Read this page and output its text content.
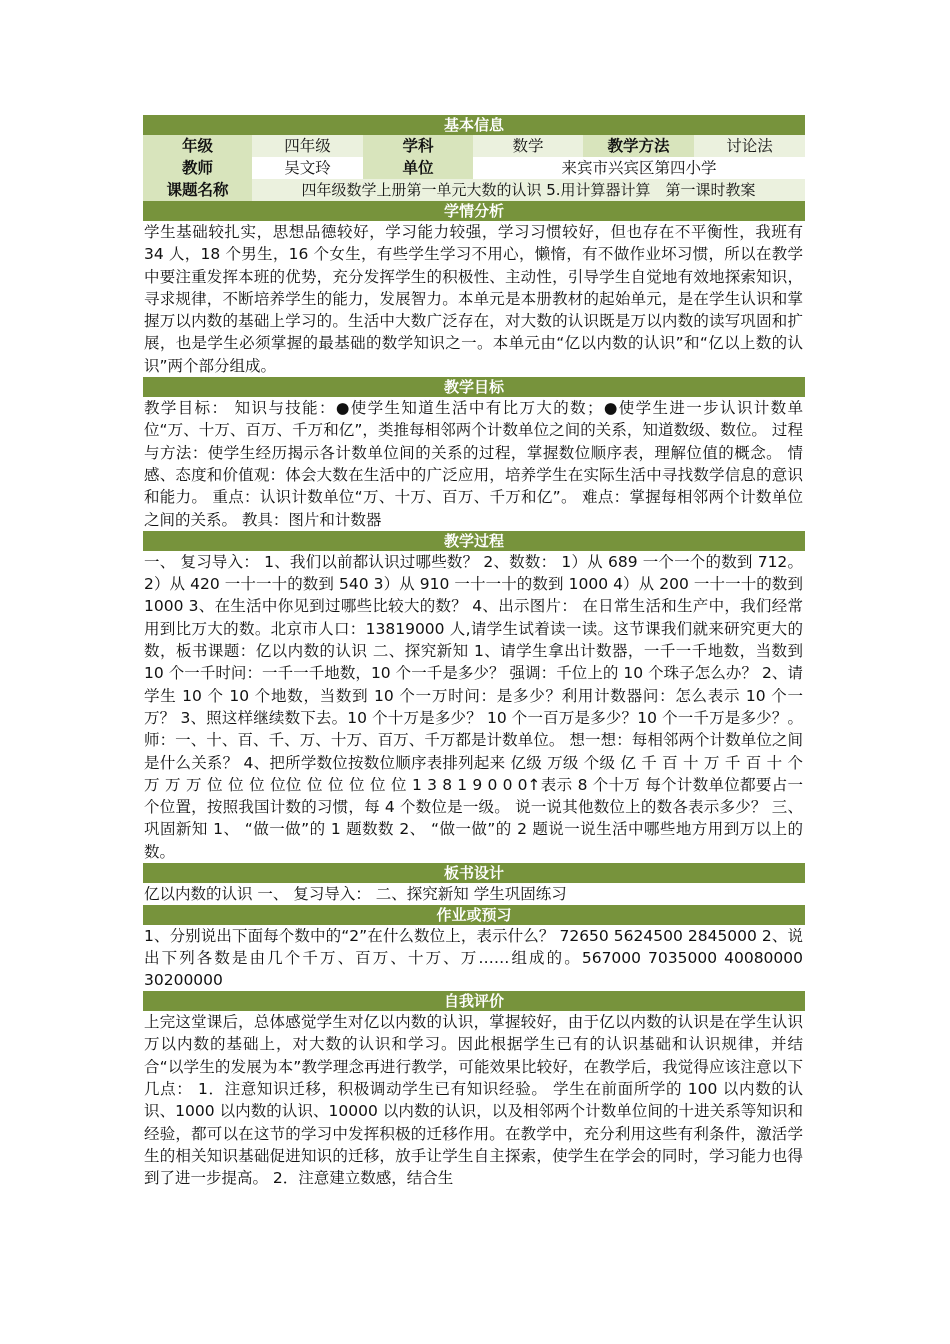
基本信息
年级	四年级	学科	数学	教学方法	讨论法
教师	吴文玲	单位	来宾市兴宾区第四小学
课题名称	四年级数学上册第一单元大数的认识 5.用计算器计算　第一课时教案
学情分析
学生基础较扎实，思想品德较好，学习能力较强，学习习惯较好，但也存在不平衡性，我班有 34 人，18 个男生，16 个女生，有些学生学习不用心，懒惰，有不做作业坏习惯，所以在教学中要注重发挥本班的优势，充分发挥学生的积极性、主动性，引导学生自觉地有效地探索知识，寻求规律，不断培养学生的能力，发展智力。本单元是本册教材的起始单元，是在学生认识和掌握万以内数的基础上学习的。生活中大数广泛存在，对大数的认识既是万以内数的读写巩固和扩展，也是学生必须掌握的最基础的数学知识之一。本单元由“亿以内数的认识”和“亿以上数的认识”两个部分组成。
教学目标
教学目标： 知识与技能：●使学生知道生活中有比万大的数；●使学生进一步认识计数单位“万、十万、百万、千万和亿”，类推每相邻两个计数单位之间的关系，知道数级、数位。 过程与方法：使学生经历揭示各计数单位间的关系的过程，掌握数位顺序表，理解位值的概念。 情感、态度和价值观：体会大数在生活中的广泛应用，培养学生在实际生活中寻找数学信息的意识和能力。 重点：认识计数单位“万、十万、百万、千万和亿”。 难点：掌握每相邻两个计数单位之间的关系。 教具：图片和计数器
教学过程
一、 复习导入： 1、我们以前都认识过哪些数？ 2、数数： 1）从 689 一个一个的数到 712。 2）从 420 一十一十的数到 540 3）从 910 一十一十的数到 1000 4）从 200 一十一十的数到 1000 3、在生活中你见到过哪些比较大的数？ 4、出示图片： 在日常生活和生产中，我们经常用到比万大的数。北京市人口：13819000 人,请学生试着读一读。这节课我们就来研究更大的数，板书课题：亿以内数的认识 二、探究新知 1、请学生拿出计数器，一千一千地数，当数到 10 个一千时问：一千一千地数，10 个一千是多少？ 强调：千位上的 10 个珠子怎么办？ 2、请学生 10 个 10 个地数，当数到 10 个一万时问：是多少？利用计数器问：怎么表示 10 个一万？ 3、照这样继续数下去。10 个十万是多少？ 10 个一百万是多少？10 个一千万是多少？。 师：一、十、百、千、万、十万、百万、千万都是计数单位。 想一想：每相邻两个计数单位之间是什么关系？ 4、把所学数位按数位顺序表排列起来 亿级 万级 个级 亿 千 百 十 万 千 百 十 个 万 万 万 位 位 位 位位 位 位 位 位 位 1 3 8 1 9 0 0 0↑表示 8 个十万 每个计数单位都要占一个位置，按照我国计数的习惯，每 4 个数位是一级。 说一说其他数位上的数各表示多少？ 三、巩固新知 1、 “做一做”的 1 题数数 2、 “做一做”的 2 题说一说生活中哪些地方用到万以上的数。
板书设计
亿以内数的认识 一、 复习导入： 二、探究新知 学生巩固练习
作业或预习
1、分别说出下面每个数中的“2”在什么数位上，表示什么？ 72650 5624500 2845000 2、说出下列各数是由几个千万、百万、十万、万……组成的。567000 7035000 40080000 30200000
自我评价
上完这堂课后，总体感觉学生对亿以内数的认识，掌握较好，由于亿以内数的认识是在学生认识万以内数的基础上，对大数的认识和学习。因此根据学生已有的认识基础和认识规律，并结合“以学生的发展为本”教学理念再进行教学，可能效果比较好，在教学后，我觉得应该注意以下几点： 1．注意知识迁移，积极调动学生已有知识经验。 学生在前面所学的 100 以内数的认识、1000 以内数的认识、10000 以内数的认识，以及相邻两个计数单位间的十进关系等知识和经验，都可以在这节的学习中发挥积极的迁移作用。在教学中，充分利用这些有利条件，激活学生的相关知识基础促进知识的迁移，放手让学生自主探索，使学生在学会的同时，学习能力也得到了进一步提高。 2．注意建立数感，结合生
